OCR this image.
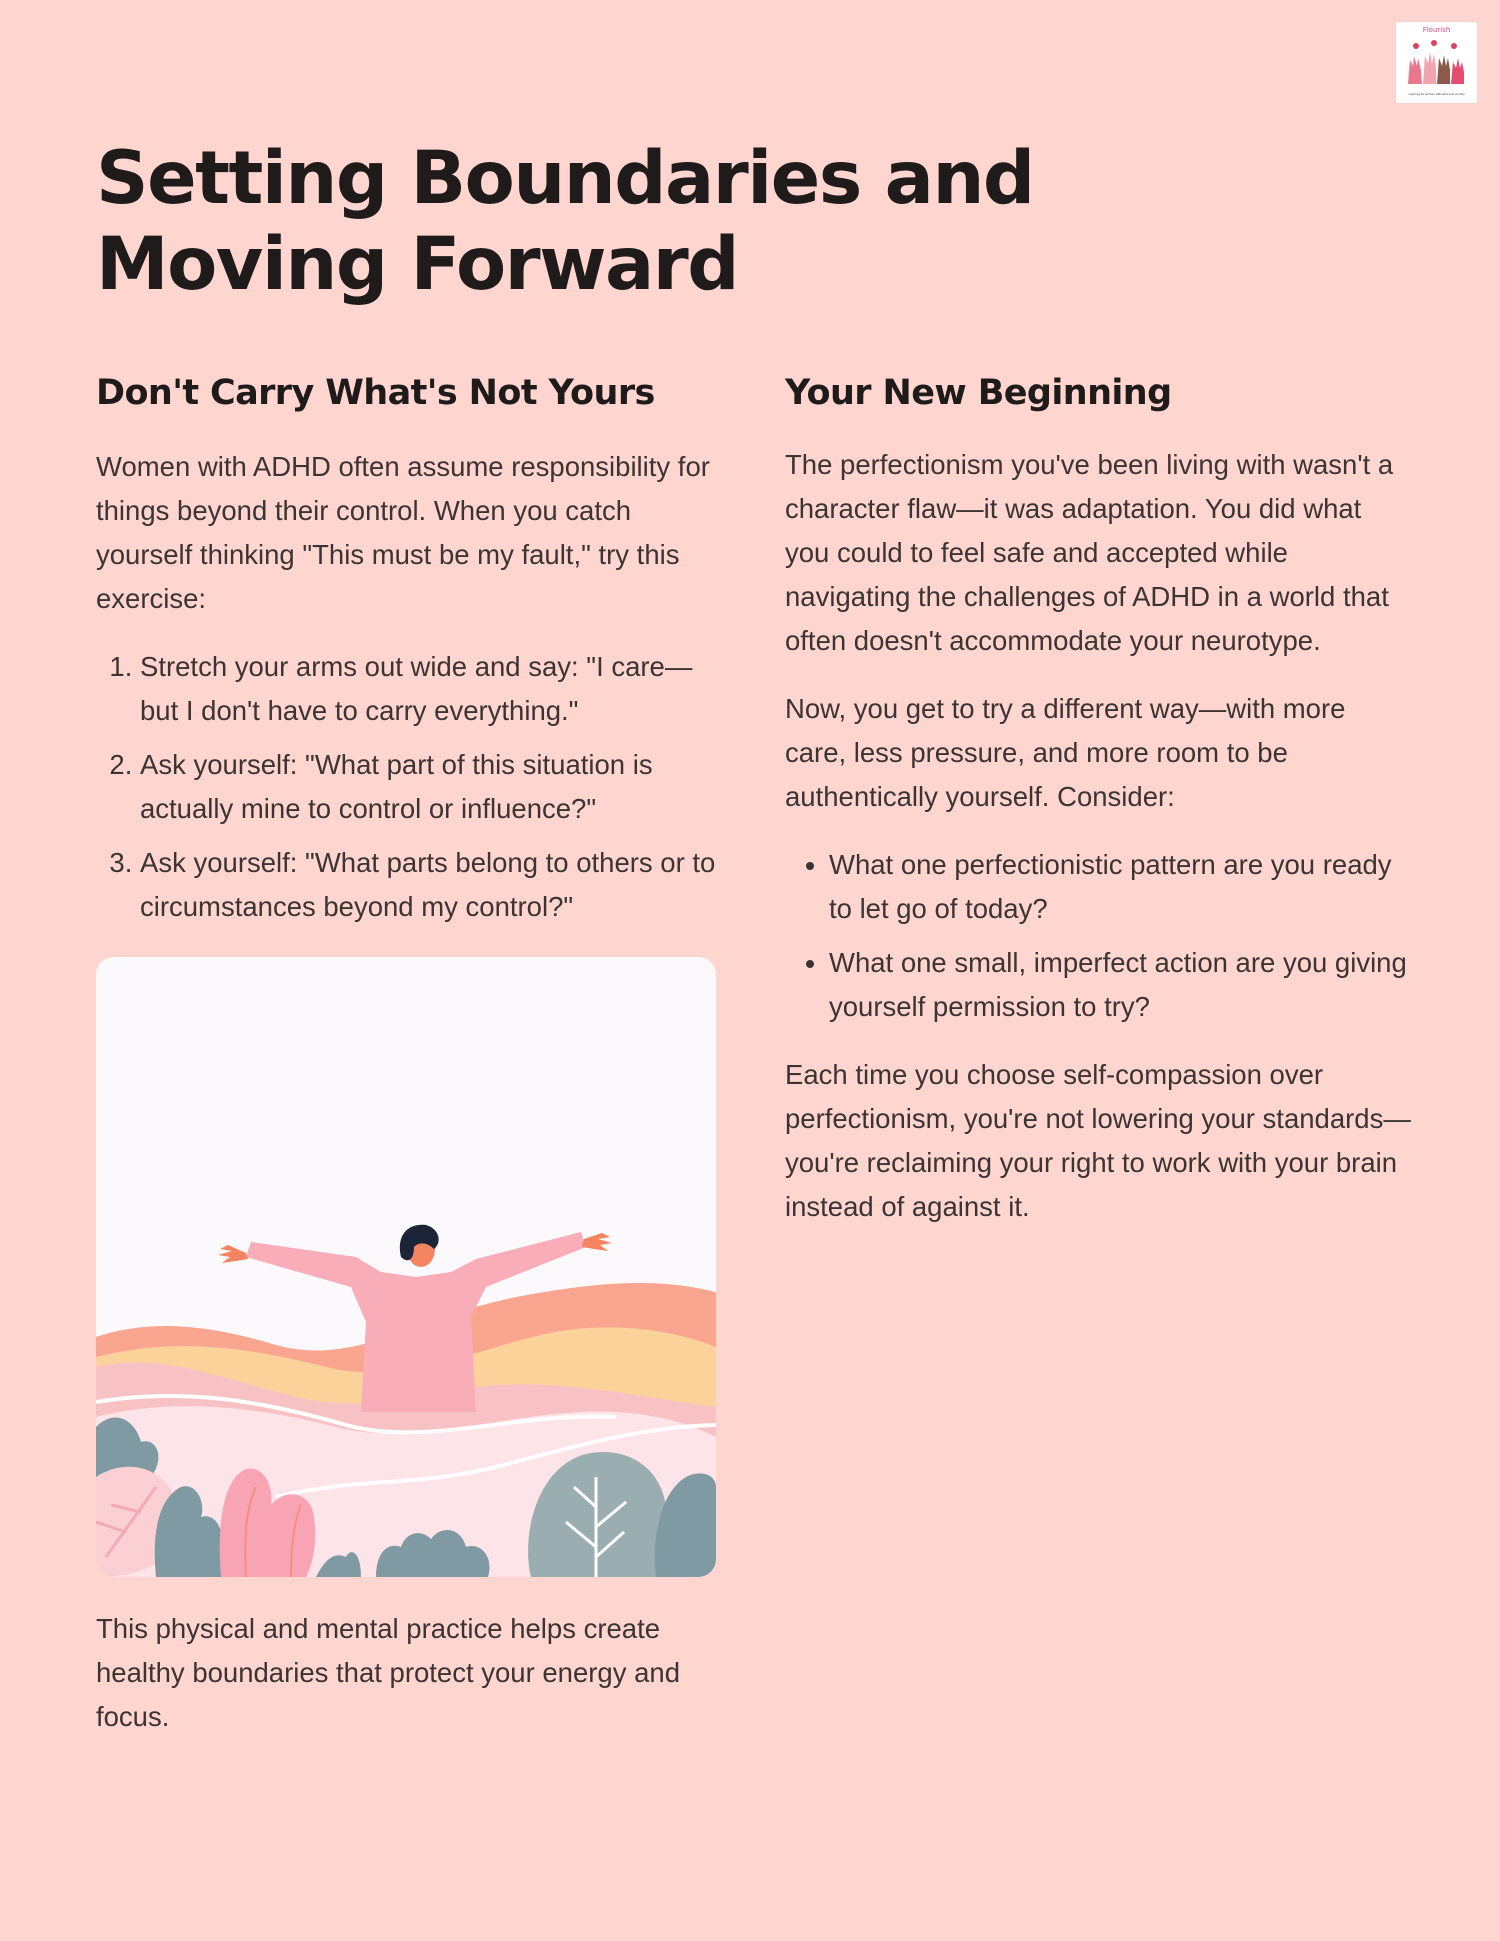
Flourish
coaching for women with adhd and anxiety
Setting Boundaries and
Moving Forward
Don't Carry What's Not Yours

Women with ADHD often assume responsibility for things beyond their control. When you catch yourself thinking "This must be my fault," try this exercise:

1. Stretch your arms out wide and say: "I care—but I don't have to carry everything."
2. Ask yourself: "What part of this situation is actually mine to control or influence?"
3. Ask yourself: "What parts belong to others or to circumstances beyond my control?"

This physical and mental practice helps create healthy boundaries that protect your energy and focus.

Your New Beginning

The perfectionism you've been living with wasn't a character flaw—it was adaptation. You did what you could to feel safe and accepted while navigating the challenges of ADHD in a world that often doesn't accommodate your neurotype.

Now, you get to try a different way—with more care, less pressure, and more room to be authentically yourself. Consider:

• What one perfectionistic pattern are you ready to let go of today?
• What one small, imperfect action are you giving yourself permission to try?

Each time you choose self-compassion over perfectionism, you're not lowering your standards—you're reclaiming your right to work with your brain instead of against it.
